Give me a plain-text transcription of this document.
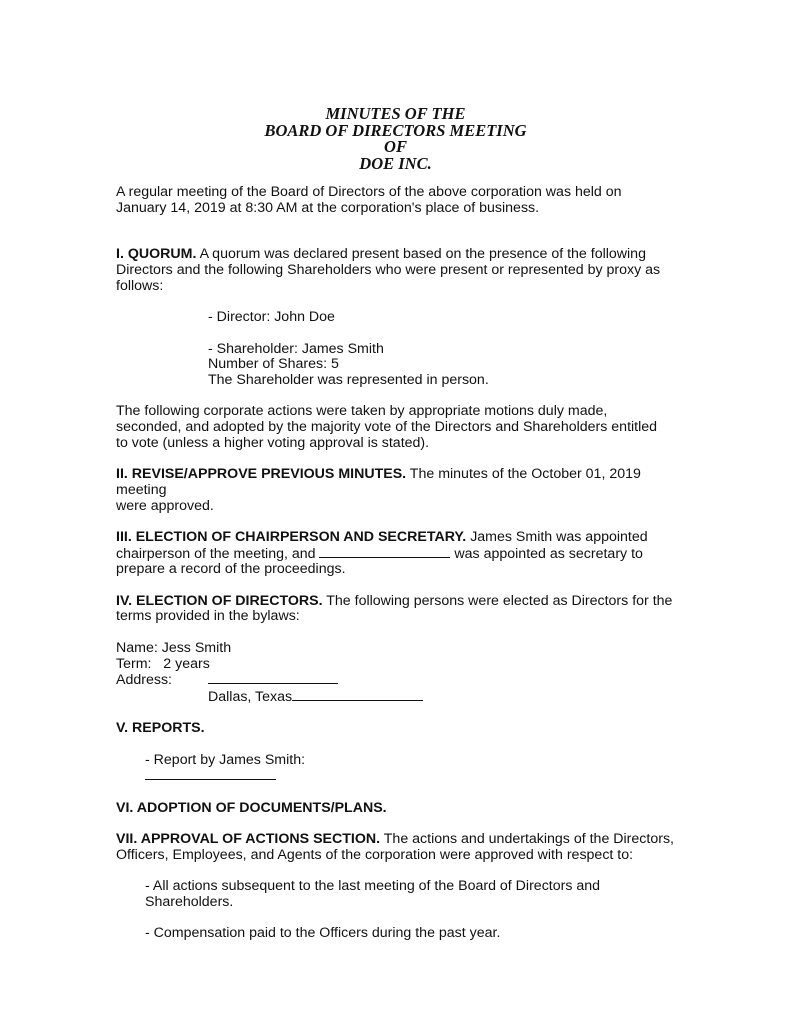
MINUTES OF THE
BOARD OF DIRECTORS MEETING
OF
DOE INC.
A regular meeting of the Board of Directors of the above corporation was held on
January 14, 2019 at 8:30 AM at the corporation's place of business.
I. QUORUM. A quorum was declared present based on the presence of the following
Directors and the following Shareholders who were present or represented by proxy as
follows:
- Director: John Doe
- Shareholder: James Smith
Number of Shares: 5
The Shareholder was represented in person.
The following corporate actions were taken by appropriate motions duly made,
seconded, and adopted by the majority vote of the Directors and Shareholders entitled
to vote (unless a higher voting approval is stated).
II. REVISE/APPROVE PREVIOUS MINUTES. The minutes of the October 01, 2019 meeting
were approved.
III. ELECTION OF CHAIRPERSON AND SECRETARY. James Smith was appointed
chairperson of the meeting, and	was appointed as secretary to
prepare a record of the proceedings.
IV. ELECTION OF DIRECTORS. The following persons were elected as Directors for the
terms provided in the bylaws:
Name: Jess Smith
Term:   2 years
Address:
Dallas, Texas
V. REPORTS.
- Report by James Smith:
VI. ADOPTION OF DOCUMENTS/PLANS.
VII. APPROVAL OF ACTIONS SECTION. The actions and undertakings of the Directors,
Officers, Employees, and Agents of the corporation were approved with respect to:
- All actions subsequent to the last meeting of the Board of Directors and
Shareholders.
- Compensation paid to the Officers during the past year.
